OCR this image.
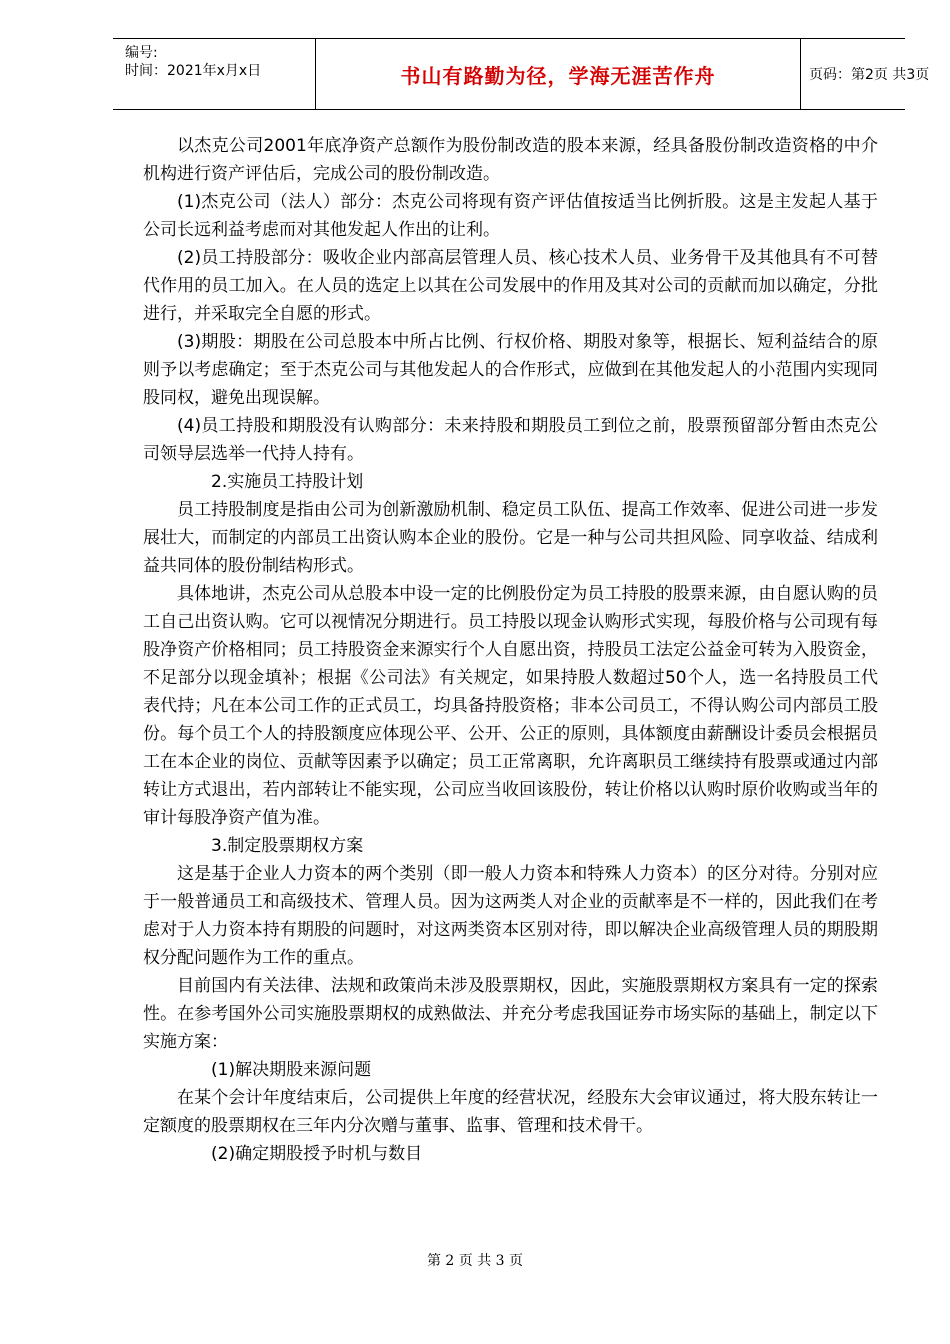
编号:
时间：2021年x月x日	书山有路勤为径，学海无涯苦作舟	页码：第2页 共3页

以杰克公司2001年底净资产总额作为股份制改造的股本来源，经具备股份制改造资格的中介机构进行资产评估后，完成公司的股份制改造。

(1)杰克公司（法人）部分：杰克公司将现有资产评估值按适当比例折股。这是主发起人基于公司长远利益考虑而对其他发起人作出的让利。

(2)员工持股部分：吸收企业内部高层管理人员、核心技术人员、业务骨干及其他具有不可替代作用的员工加入。在人员的选定上以其在公司发展中的作用及其对公司的贡献而加以确定，分批进行，并采取完全自愿的形式。

(3)期股：期股在公司总股本中所占比例、行权价格、期股对象等，根据长、短利益结合的原则予以考虑确定；至于杰克公司与其他发起人的合作形式，应做到在其他发起人的小范围内实现同股同权，避免出现误解。

(4)员工持股和期股没有认购部分：未来持股和期股员工到位之前，股票预留部分暂由杰克公司领导层选举一代持人持有。

2.实施员工持股计划

员工持股制度是指由公司为创新激励机制、稳定员工队伍、提高工作效率、促进公司进一步发展壮大，而制定的内部员工出资认购本企业的股份。它是一种与公司共担风险、同享收益、结成利益共同体的股份制结构形式。

具体地讲，杰克公司从总股本中设一定的比例股份定为员工持股的股票来源，由自愿认购的员工自己出资认购。它可以视情况分期进行。员工持股以现金认购形式实现，每股价格与公司现有每股净资产价格相同；员工持股资金来源实行个人自愿出资，持股员工法定公益金可转为入股资金，不足部分以现金填补；根据《公司法》有关规定，如果持股人数超过50个人，选一名持股员工代表代持；凡在本公司工作的正式员工，均具备持股资格；非本公司员工，不得认购公司内部员工股份。每个员工个人的持股额度应体现公平、公开、公正的原则，具体额度由薪酬设计委员会根据员工在本企业的岗位、贡献等因素予以确定；员工正常离职，允许离职员工继续持有股票或通过内部转让方式退出，若内部转让不能实现，公司应当收回该股份，转让价格以认购时原价收购或当年的审计每股净资产值为准。

3.制定股票期权方案

这是基于企业人力资本的两个类别（即一般人力资本和特殊人力资本）的区分对待。分别对应于一般普通员工和高级技术、管理人员。因为这两类人对企业的贡献率是不一样的，因此我们在考虑对于人力资本持有期股的问题时，对这两类资本区别对待，即以解决企业高级管理人员的期股期权分配问题作为工作的重点。

目前国内有关法律、法规和政策尚未涉及股票期权，因此，实施股票期权方案具有一定的探索性。在参考国外公司实施股票期权的成熟做法、并充分考虑我国证券市场实际的基础上，制定以下实施方案：

(1)解决期股来源问题

在某个会计年度结束后，公司提供上年度的经营状况，经股东大会审议通过，将大股东转让一定额度的股票期权在三年内分次赠与董事、监事、管理和技术骨干。

(2)确定期股授予时机与数目

第 2 页 共 3 页
